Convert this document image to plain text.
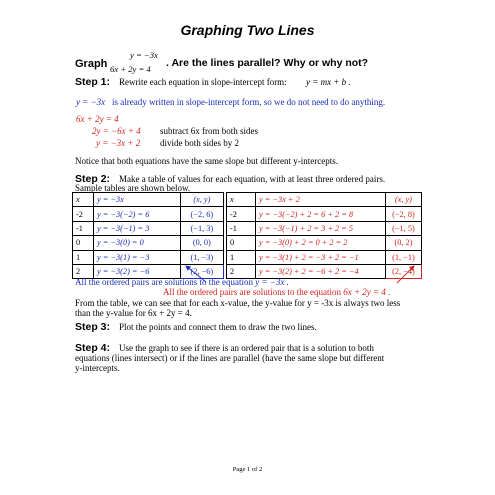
Graphing Two Lines
Graph
y = −3x
6x + 2y = 4 . Are the lines parallel? Why or why not?
Step 1: Rewrite each equation in slope-intercept form: y = mx + b .
y = −3x is already written in slope-intercept form, so we do not need to do anything.
6x + 2y = 4
2y = −6x + 4 subtract 6x from both sides
y = −3x + 2 divide both sides by 2
Notice that both equations have the same slope but different y-intercepts.
Step 2: Make a table of values for each equation, with at least three ordered pairs.
Sample tables are shown below.
x	y = −3x	(x, y)
-2	y = −3(−2) = 6	(−2, 6)
-1	y = −3(−1) = 3	(−1, 3)
0	y = −3(0) = 0	(0, 0)
1	y = −3(1) = −3	(1, −3)
2	y = −3(2) = −6	(2, −6)
x	y = −3x + 2	(x, y)
-2	y = −3(−2) + 2 = 6 + 2 = 8	(−2, 8)
-1	y = −3(−1) + 2 = 3 + 2 = 5	(−1, 5)
0	y = −3(0) + 2 = 0 + 2 = 2	(0, 2)
1	y = −3(1) + 2 = −3 + 2 = −1	(1, −1)
2	y = −3(2) + 2 = −6 + 2 = −4	(2, −4)
All the ordered pairs are solutions to the equation y = −3x .
All the ordered pairs are solutions to the equation 6x + 2y = 4 .
From the table, we can see that for each x-value, the y-value for y = -3x is always two less
than the y-value for 6x + 2y = 4.
Step 3: Plot the points and connect them to draw the two lines.
Step 4: Use the graph to see if there is an ordered pair that is a solution to both
equations (lines intersect) or if the lines are parallel (have the same slope but different
y-intercepts.
Page 1 of 2
